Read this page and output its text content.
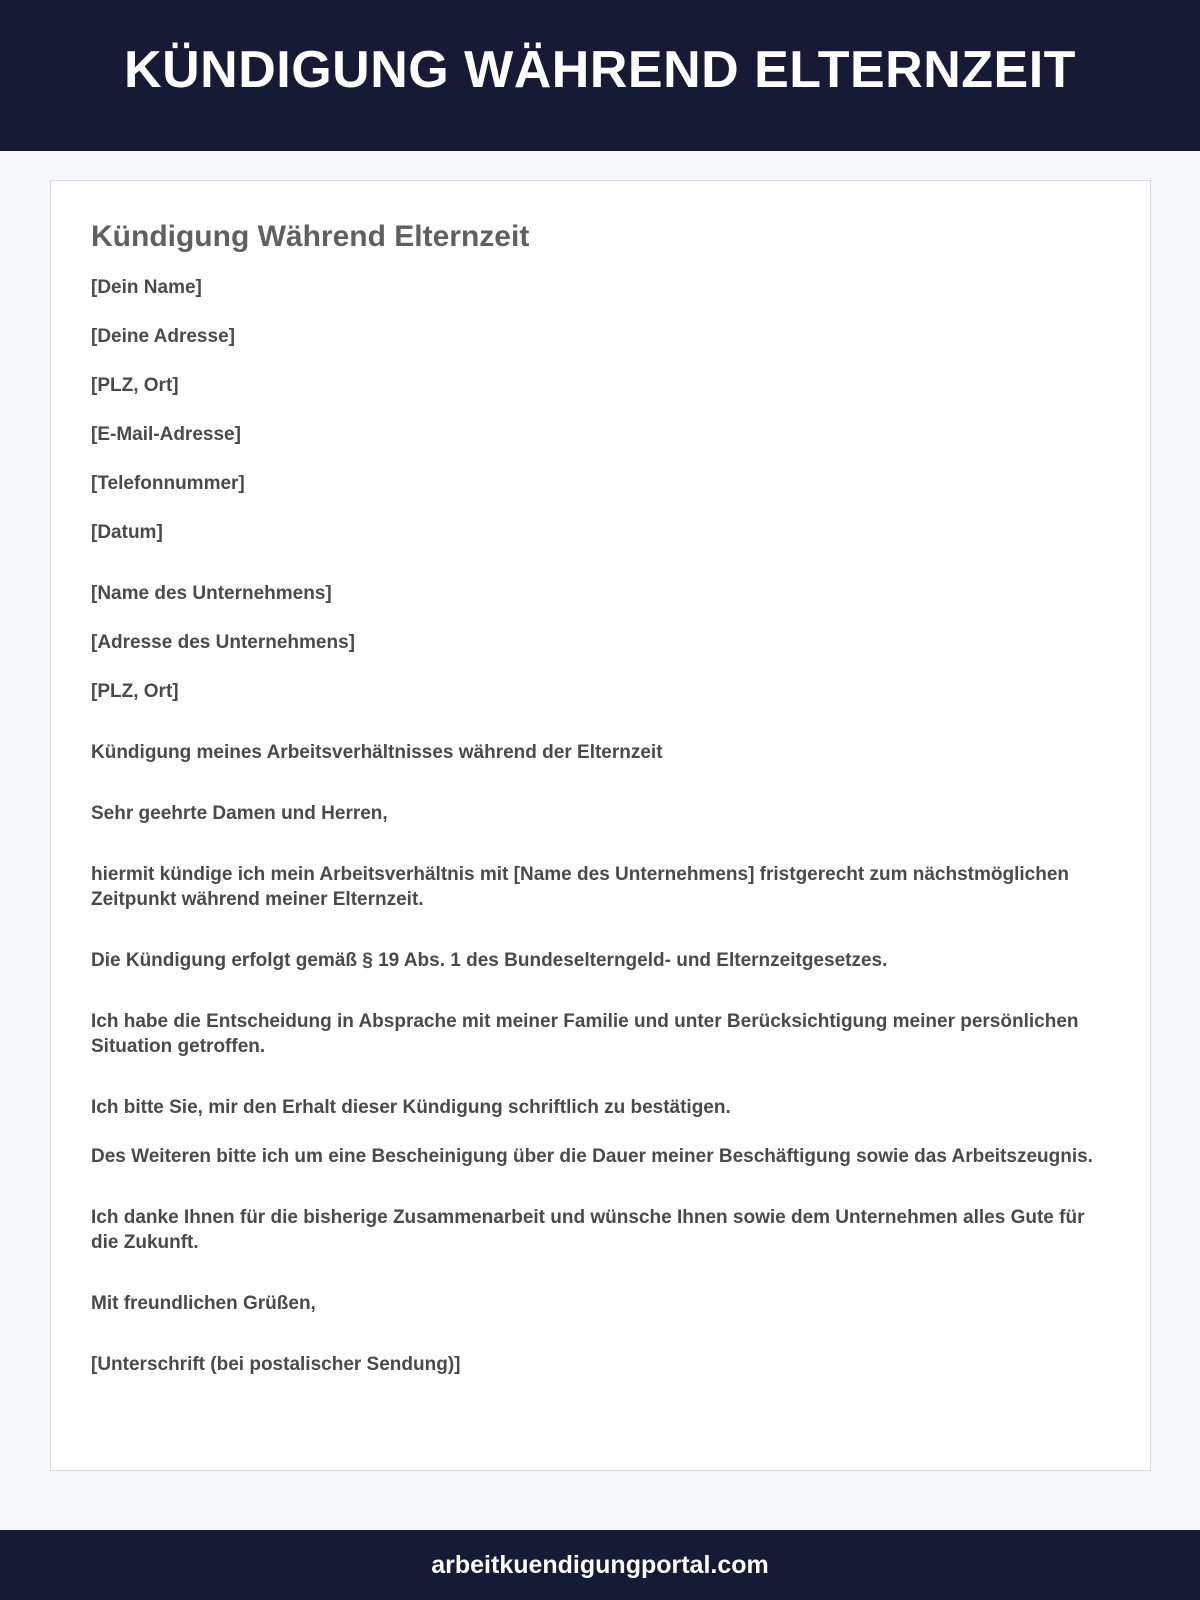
KÜNDIGUNG WÄHREND ELTERNZEIT
Kündigung Während Elternzeit
[Dein Name]
[Deine Adresse]
[PLZ, Ort]
[E-Mail-Adresse]
[Telefonnummer]
[Datum]
[Name des Unternehmens]
[Adresse des Unternehmens]
[PLZ, Ort]
Kündigung meines Arbeitsverhältnisses während der Elternzeit
Sehr geehrte Damen und Herren,
hiermit kündige ich mein Arbeitsverhältnis mit [Name des Unternehmens] fristgerecht zum nächstmöglichen Zeitpunkt während meiner Elternzeit.
Die Kündigung erfolgt gemäß § 19 Abs. 1 des Bundeselterngeld- und Elternzeitgesetzes.
Ich habe die Entscheidung in Absprache mit meiner Familie und unter Berücksichtigung meiner persönlichen Situation getroffen.
Ich bitte Sie, mir den Erhalt dieser Kündigung schriftlich zu bestätigen.
Des Weiteren bitte ich um eine Bescheinigung über die Dauer meiner Beschäftigung sowie das Arbeitszeugnis.
Ich danke Ihnen für die bisherige Zusammenarbeit und wünsche Ihnen sowie dem Unternehmen alles Gute für die Zukunft.
Mit freundlichen Grüßen,
[Unterschrift (bei postalischer Sendung)]
arbeitkuendigungportal.com
